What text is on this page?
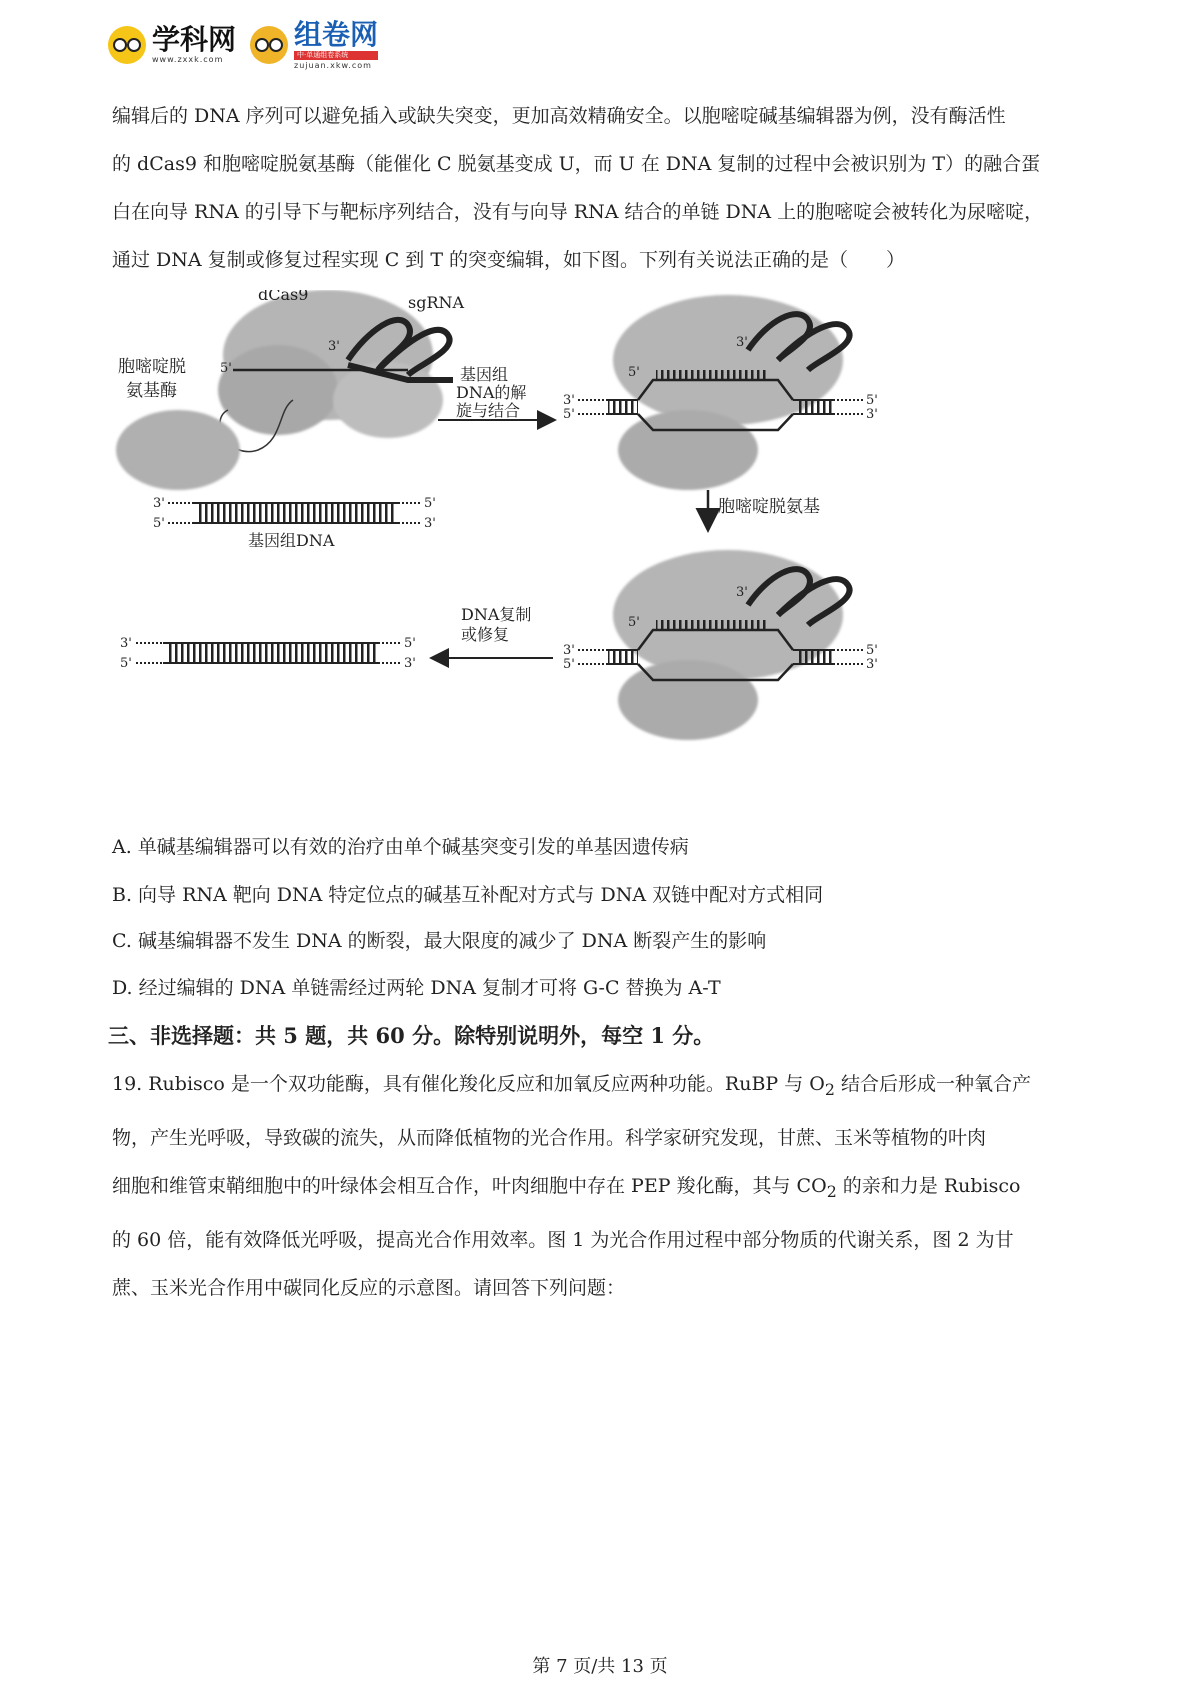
学科网
www.zxxk.com
组卷网
中·单通组卷系统
zujuan.xkw.com
编辑后的 DNA 序列可以避免插入或缺失突变，更加高效精确安全。以胞嘧啶碱基编辑器为例，没有酶活性
的 dCas9 和胞嘧啶脱氨基酶（能催化 C 脱氨基变成 U，而 U 在 DNA 复制的过程中会被识别为 T）的融合蛋
白在向导 RNA 的引导下与靶标序列结合，没有与向导 RNA 结合的单链 DNA 上的胞嘧啶会被转化为尿嘧啶，
通过 DNA 复制或修复过程实现 C 到 T 的突变编辑，如下图。下列有关说法正确的是（　　）
dCas9	sgRNA
3'
5'
胞嘧啶脱
氨基酶
3'
5'
5'
3'
基因组DNA
基因组
DNA的解
旋与结合
3'
5'
5'
3'
5'
3'
胞嘧啶脱氨基
3'
5'
5'
3'
5'
3'
DNA复制
或修复
3'
5'
5'
3'
A. 单碱基编辑器可以有效的治疗由单个碱基突变引发的单基因遗传病
B. 向导 RNA 靶向 DNA 特定位点的碱基互补配对方式与 DNA 双链中配对方式相同
C. 碱基编辑器不发生 DNA 的断裂，最大限度的减少了 DNA 断裂产生的影响
D. 经过编辑的 DNA 单链需经过两轮 DNA 复制才可将 G-C 替换为 A-T
三、非选择题：共 5 题，共 60 分。除特别说明外，每空 1 分。
19. Rubisco 是一个双功能酶，具有催化羧化反应和加氧反应两种功能。RuBP 与 $O_2$ 结合后形成一种氧合产
物，产生光呼吸，导致碳的流失，从而降低植物的光合作用。科学家研究发现，甘蔗、玉米等植物的叶肉
细胞和维管束鞘细胞中的叶绿体会相互合作，叶肉细胞中存在 PEP 羧化酶，其与 $CO_2$ 的亲和力是 Rubisco
的 60 倍，能有效降低光呼吸，提高光合作用效率。图 1 为光合作用过程中部分物质的代谢关系，图 2 为甘
蔗、玉米光合作用中碳同化反应的示意图。请回答下列问题：
第 7 页/共 13 页
